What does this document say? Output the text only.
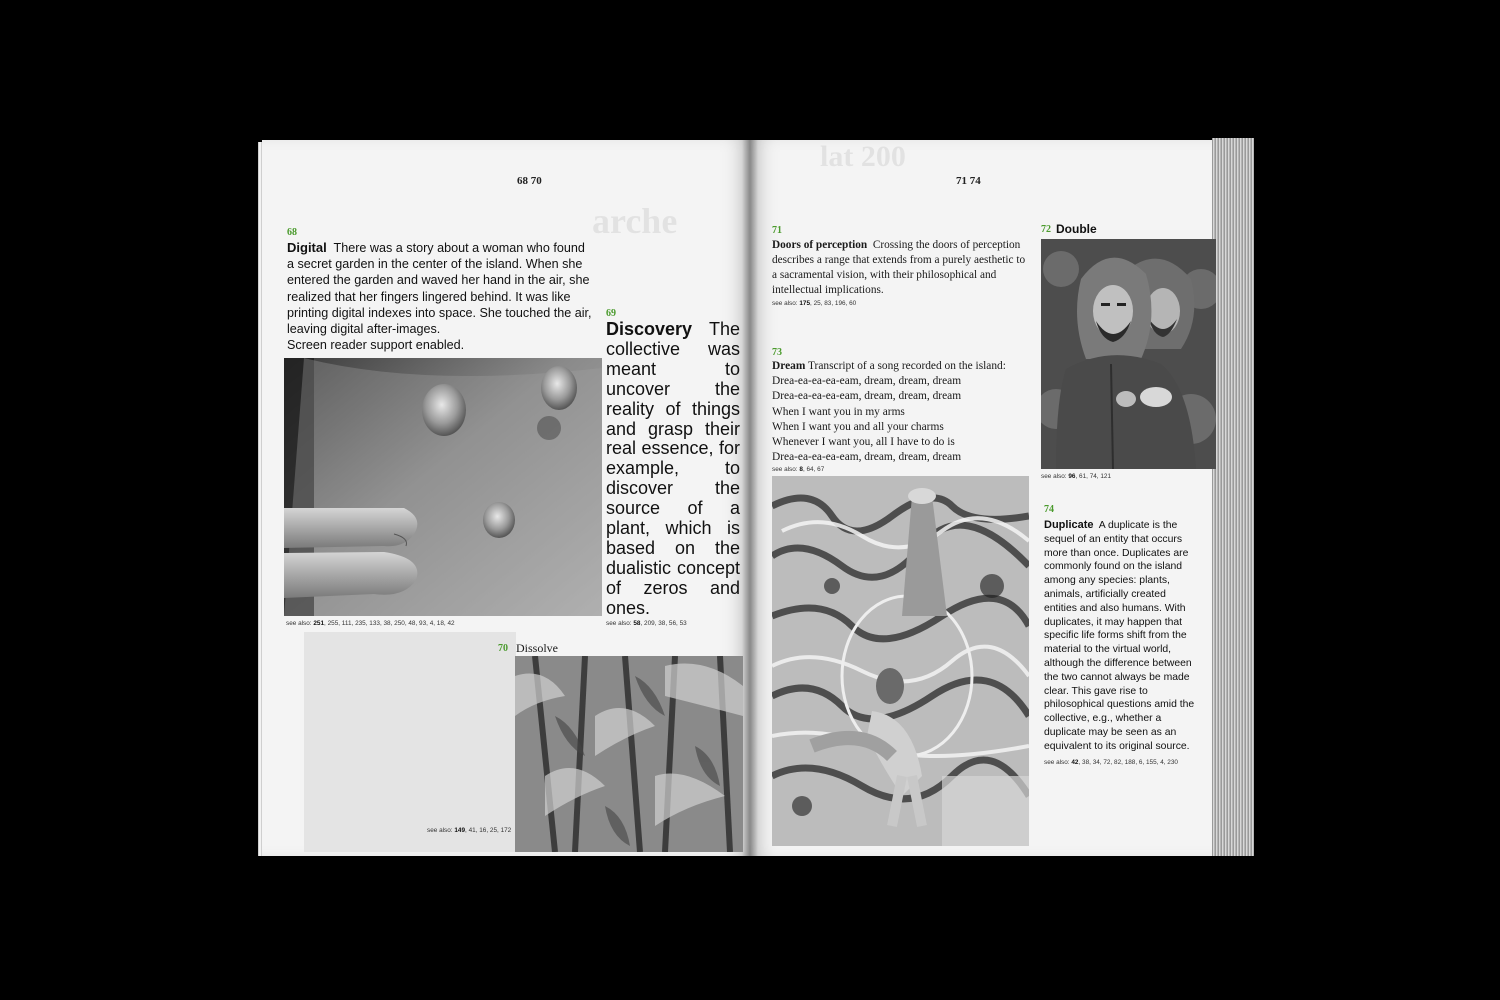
arche
lat 200
68 70
68
Digital There was a story about a woman who found a secret garden in the center of the island. When she entered the garden and waved her hand in the air, she realized that her fingers lingered behind. It was like printing digital indexes into space. She touched the air, leaving digital after-images.
Screen reader support enabled.
see also: 251, 255, 111, 235, 133, 38, 250, 48, 93, 4, 18, 42
69
Discovery The collective was meant to uncover the reality of things and grasp their real essence, for example, to discover the source of a plant, which is based on the dualistic concept of zeros and ones.
see also: 58, 209, 38, 56, 53
70 Dissolve
see also: 149, 41, 16, 25, 172
71 74
71
Doors of perception Crossing the doors of perception describes a range that extends from a purely aesthetic to a sacramental vision, with their philosophical and intellectual implications.
see also: 175, 25, 83, 196, 60
72 Double
see also: 96, 61, 74, 121
73

Dream Transcript of a song recorded on the island:

Drea-ea-ea-ea-eam, dream, dream, dream

Drea-ea-ea-ea-eam, dream, dream, dream

When I want you in my arms

When I want you and all your charms

Whenever I want you, all I have to do is

Drea-ea-ea-ea-eam, dream, dream, dream

see also: 8, 64, 67
74
Duplicate A duplicate is the sequel of an entity that occurs more than once. Duplicates are commonly found on the island among any species: plants, animals, artificially created entities and also humans. With duplicates, it may happen that specific life forms shift from the material to the virtual world, although the difference between the two cannot always be made clear. This gave rise to philosophical questions amid the collective, e.g., whether a duplicate may be seen as an equivalent to its original source.
see also: 42, 38, 34, 72, 82, 188, 6, 155, 4, 230
